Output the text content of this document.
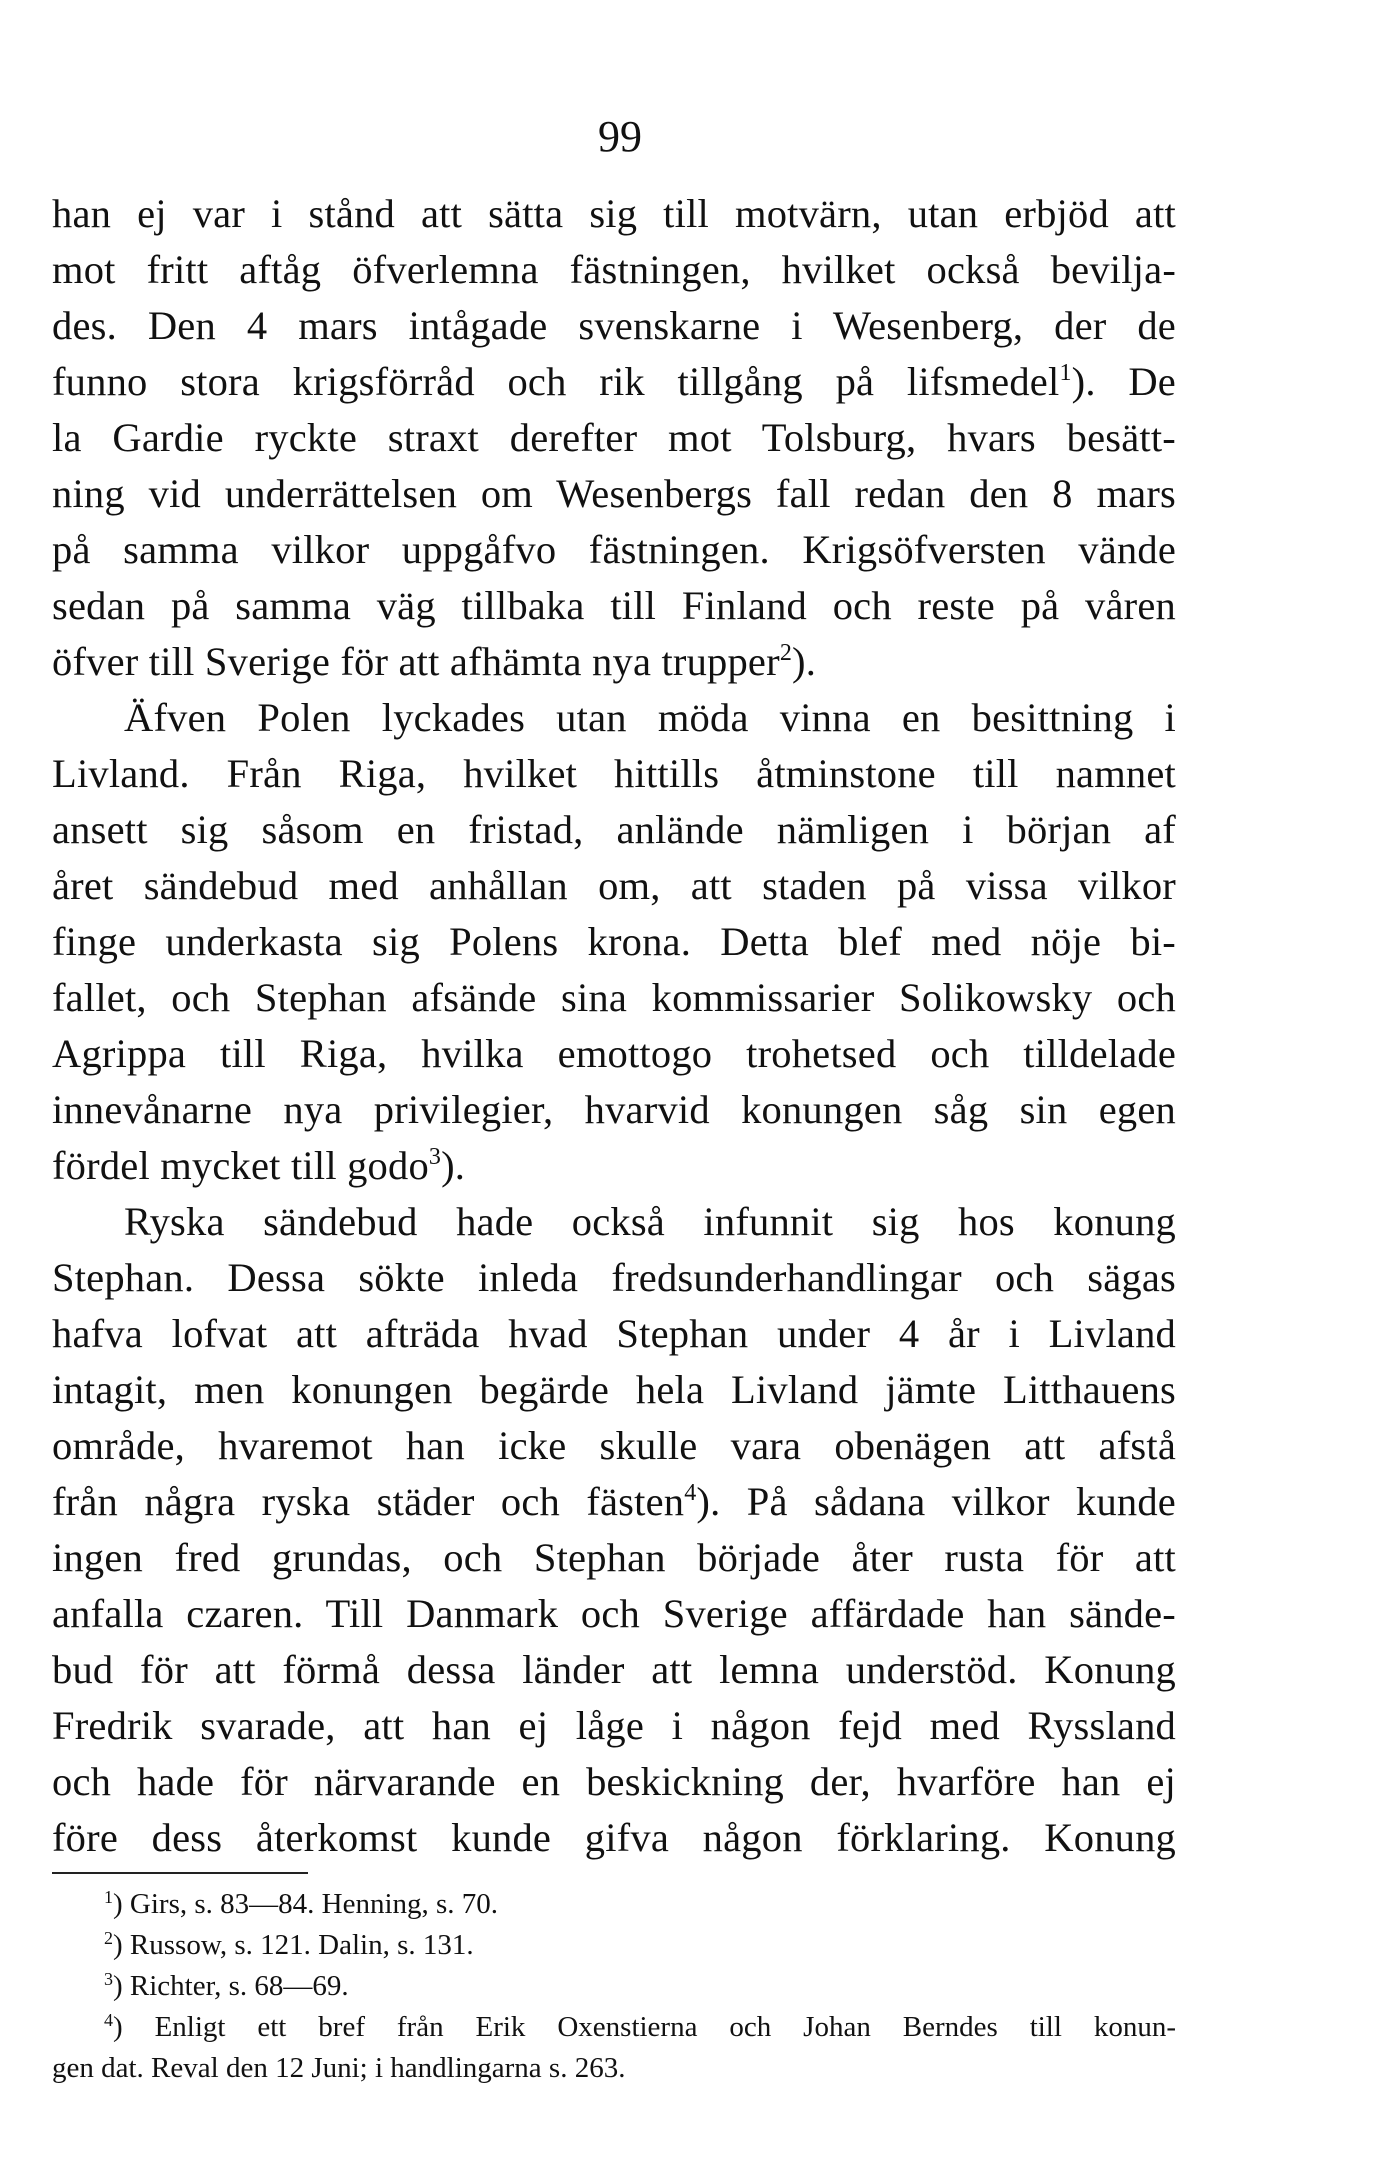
99
han ej var i stånd att sätta sig till motvärn, utan erbjöd att
mot fritt aftåg öfverlemna fästningen, hvilket också bevilja-
des. Den 4 mars intågade svenskarne i Wesenberg, der de
funno stora krigsförråd och rik tillgång på lifsmedel$^1$). De
la Gardie ryckte straxt derefter mot Tolsburg, hvars besätt-
ning vid underrättelsen om Wesenbergs fall redan den 8 mars
på samma vilkor uppgåfvo fästningen. Krigsöfversten vände
sedan på samma väg tillbaka till Finland och reste på våren
öfver till Sverige för att afhämta nya trupper$^2$).
Äfven Polen lyckades utan möda vinna en besittning i
Livland. Från Riga, hvilket hittills åtminstone till namnet
ansett sig såsom en fristad, anlände nämligen i början af
året sändebud med anhållan om, att staden på vissa vilkor
finge underkasta sig Polens krona. Detta blef med nöje bi-
fallet, och Stephan afsände sina kommissarier Solikowsky och
Agrippa till Riga, hvilka emottogo trohetsed och tilldelade
innevånarne nya privilegier, hvarvid konungen såg sin egen
fördel mycket till godo$^3$).
Ryska sändebud hade också infunnit sig hos konung
Stephan. Dessa sökte inleda fredsunderhandlingar och sägas
hafva lofvat att afträda hvad Stephan under 4 år i Livland
intagit, men konungen begärde hela Livland jämte Litthauens
område, hvaremot han icke skulle vara obenägen att afstå
från några ryska städer och fästen$^4$). På sådana vilkor kunde
ingen fred grundas, och Stephan började åter rusta för att
anfalla czaren. Till Danmark och Sverige affärdade han sände-
bud för att förmå dessa länder att lemna understöd. Konung
Fredrik svarade, att han ej låge i någon fejd med Ryssland
och hade för närvarande en beskickning der, hvarföre han ej
före dess återkomst kunde gifva någon förklaring. Konung
$^1$) Girs, s. 83—84. Henning, s. 70.
$^2$) Russow, s. 121. Dalin, s. 131.
$^3$) Richter, s. 68—69.
$^4$) Enligt ett bref från Erik Oxenstierna och Johan Berndes till konun-
gen dat. Reval den 12 Juni; i handlingarna s. 263.
